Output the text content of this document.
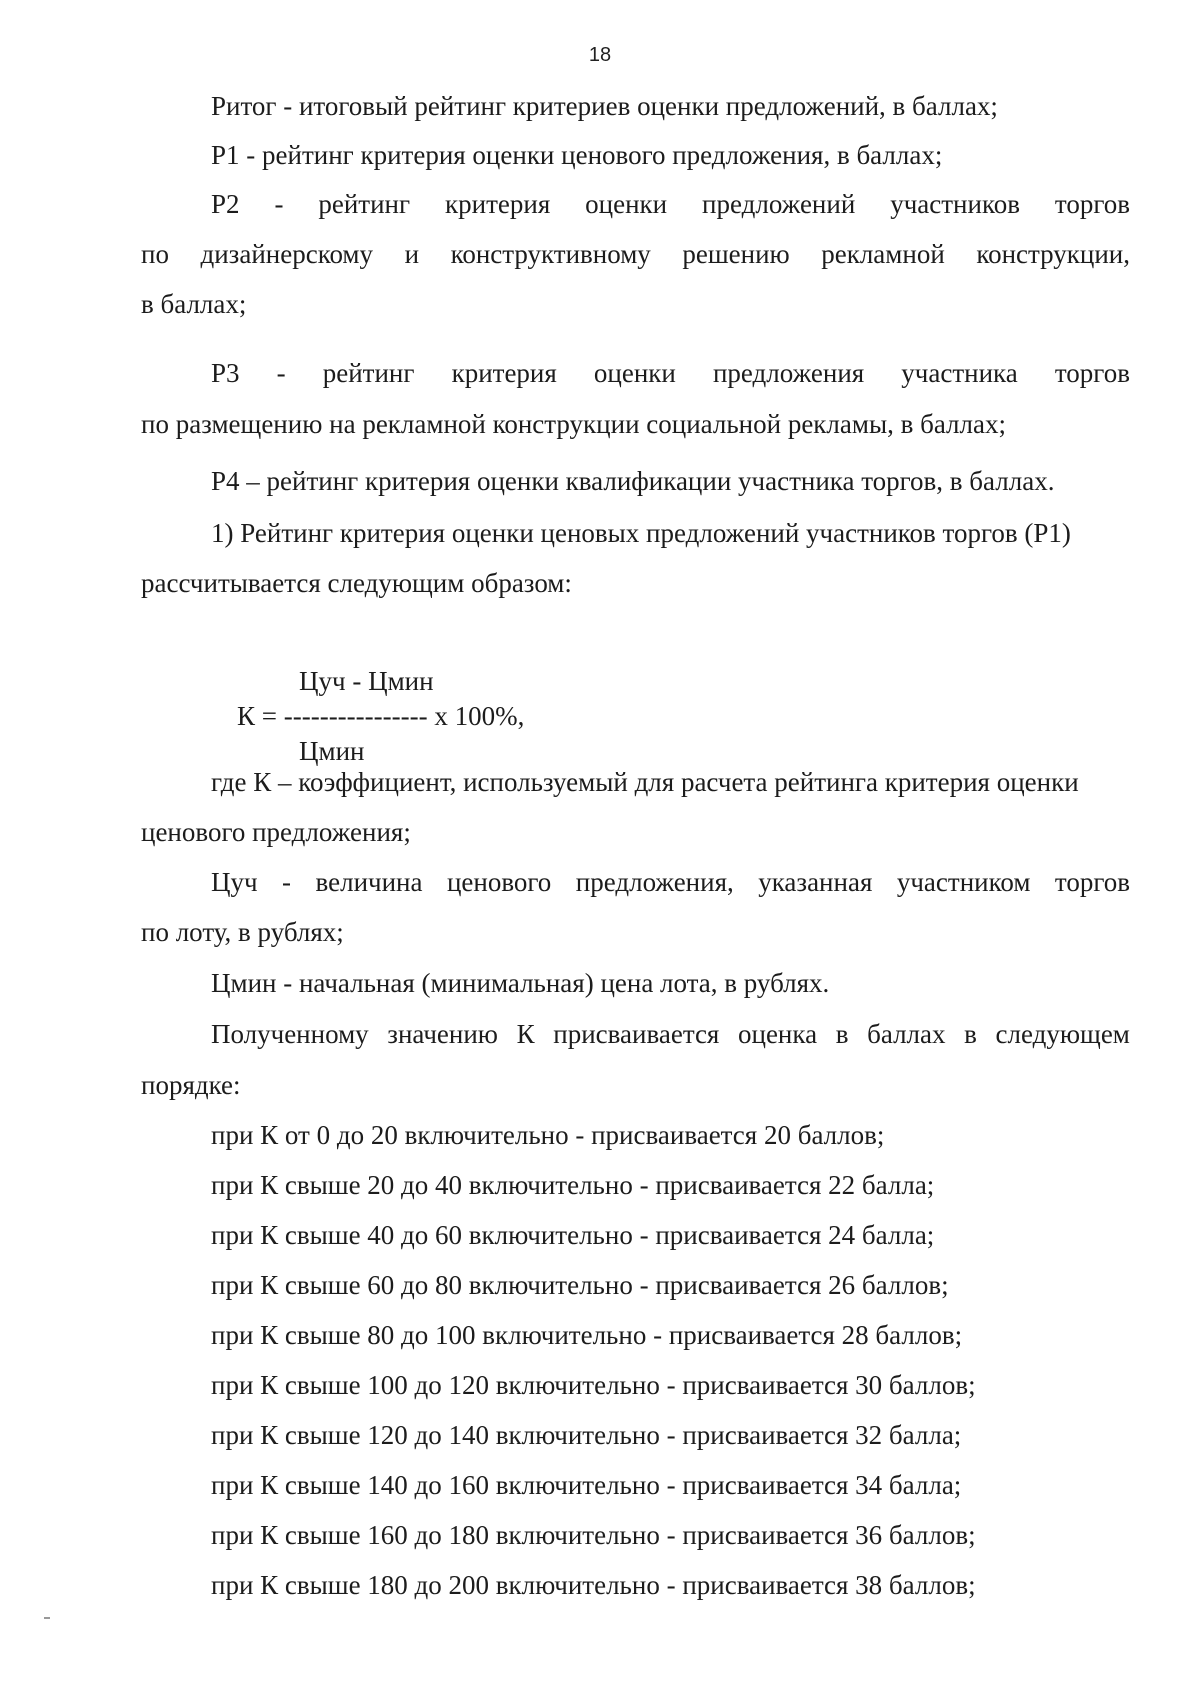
18
Ритог - итоговый рейтинг критериев оценки предложений, в баллах;
Р1 - рейтинг критерия оценки ценового предложения, в баллах;
Р2 - рейтинг критерия оценки предложений участников торгов
по дизайнерскому и конструктивному решению рекламной конструкции,
в баллах;
Р3 - рейтинг критерия оценки предложения участника торгов
по размещению на рекламной конструкции социальной рекламы, в баллах;
Р4 – рейтинг критерия оценки квалификации участника торгов, в баллах.
1) Рейтинг критерия оценки ценовых предложений участников торгов (Р1)
рассчитывается следующим образом:
Цуч - Цмин
К = ---------------- х 100%,
Цмин
где К – коэффициент, используемый для расчета рейтинга критерия оценки
ценового предложения;
Цуч - величина ценового предложения, указанная участником торгов
по лоту, в рублях;
Цмин - начальная (минимальная) цена лота, в рублях.
Полученному значению К присваивается оценка в баллах в следующем
порядке:
при К от 0 до 20 включительно - присваивается 20 баллов;
при К свыше 20 до 40 включительно - присваивается 22 балла;
при К свыше 40 до 60 включительно - присваивается 24 балла;
при К свыше 60 до 80 включительно - присваивается 26 баллов;
при К свыше 80 до 100 включительно - присваивается 28 баллов;
при К свыше 100 до 120 включительно - присваивается 30 баллов;
при К свыше 120 до 140 включительно - присваивается 32 балла;
при К свыше 140 до 160 включительно - присваивается 34 балла;
при К свыше 160 до 180 включительно - присваивается 36 баллов;
при К свыше 180 до 200 включительно - присваивается 38 баллов;
